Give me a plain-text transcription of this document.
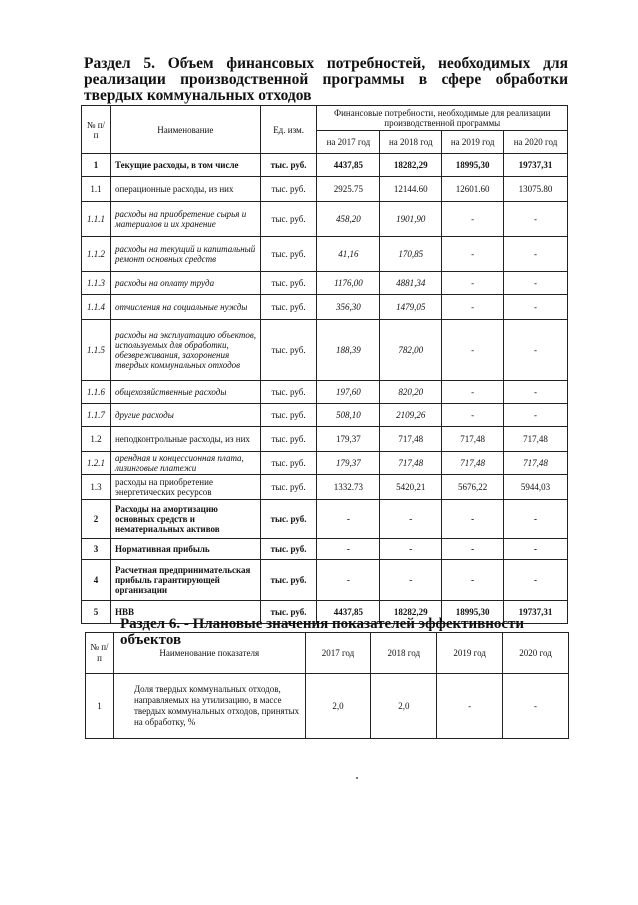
Раздел 5. Объем финансовых потребностей, необходимых для реализации производственной программы в сфере обработки твердых коммунальных отходов
№ п/п	Наименование	Ед. изм.	Финансовые потребности, необходимые для реализации производственной программы			
			на 2017 год	на 2018 год	на 2019 год	на 2020 год
1	Текущие расходы, в том числе	тыс. руб.	4437,85	18282,29	18995,30	19737,31
1.1	операционные расходы, из них	тыс. руб.	2925.75	12144.60	12601.60	13075.80
1.1.1	расходы на приобретение сырья и материалов и их хранение	тыс. руб.	458,20	1901,90	-	-
1.1.2	расходы на текущий и капитальный ремонт основных средств	тыс. руб.	41,16	170,85	-	-
1.1.3	расходы на оплату труда	тыс. руб.	1176,00	4881,34	-	-
1.1.4	отчисления на социальные нужды	тыс. руб.	356,30	1479,05	-	-
1.1.5	расходы на эксплуатацию объектов, используемых для обработки, обезвреживания, захоронения твердых коммунальных отходов	тыс. руб.	188,39	782,00	-	-
1.1.6	общехозяйственные расходы	тыс. руб.	197,60	820,20	-	-
1.1.7	другие расходы	тыс. руб.	508,10	2109,26	-	-
1.2	неподконтрольные расходы, из них	тыс. руб.	179,37	717,48	717,48	717,48
1.2.1	арендная и концессионная плата, лизинговые платежи	тыс. руб.	179,37	717,48	717,48	717,48
1.3	расходы на приобретение энергетических ресурсов	тыс. руб.	1332.73	5420,21	5676,22	5944,03
2	Расходы на амортизацию основных средств и нематериальных активов	тыс. руб.	-	-	-	-
3	Нормативная прибыль	тыс. руб.	-	-	-	-
4	Расчетная предпринимательская прибыль гарантирующей организации	тыс. руб.	-	-	-	-
5	НВВ	тыс. руб.	4437,85	18282,29	18995,30	19737,31
Раздел 6. - Плановые значения показателей эффективности объектов
№ п/п	Наименование показателя	2017 год	2018 год	2019 год	2020 год
1	Доля твердых коммунальных отходов, направляемых на утилизацию, в массе твердых коммунальных отходов, принятых на обработку, %	2,0	2,0	-	-
